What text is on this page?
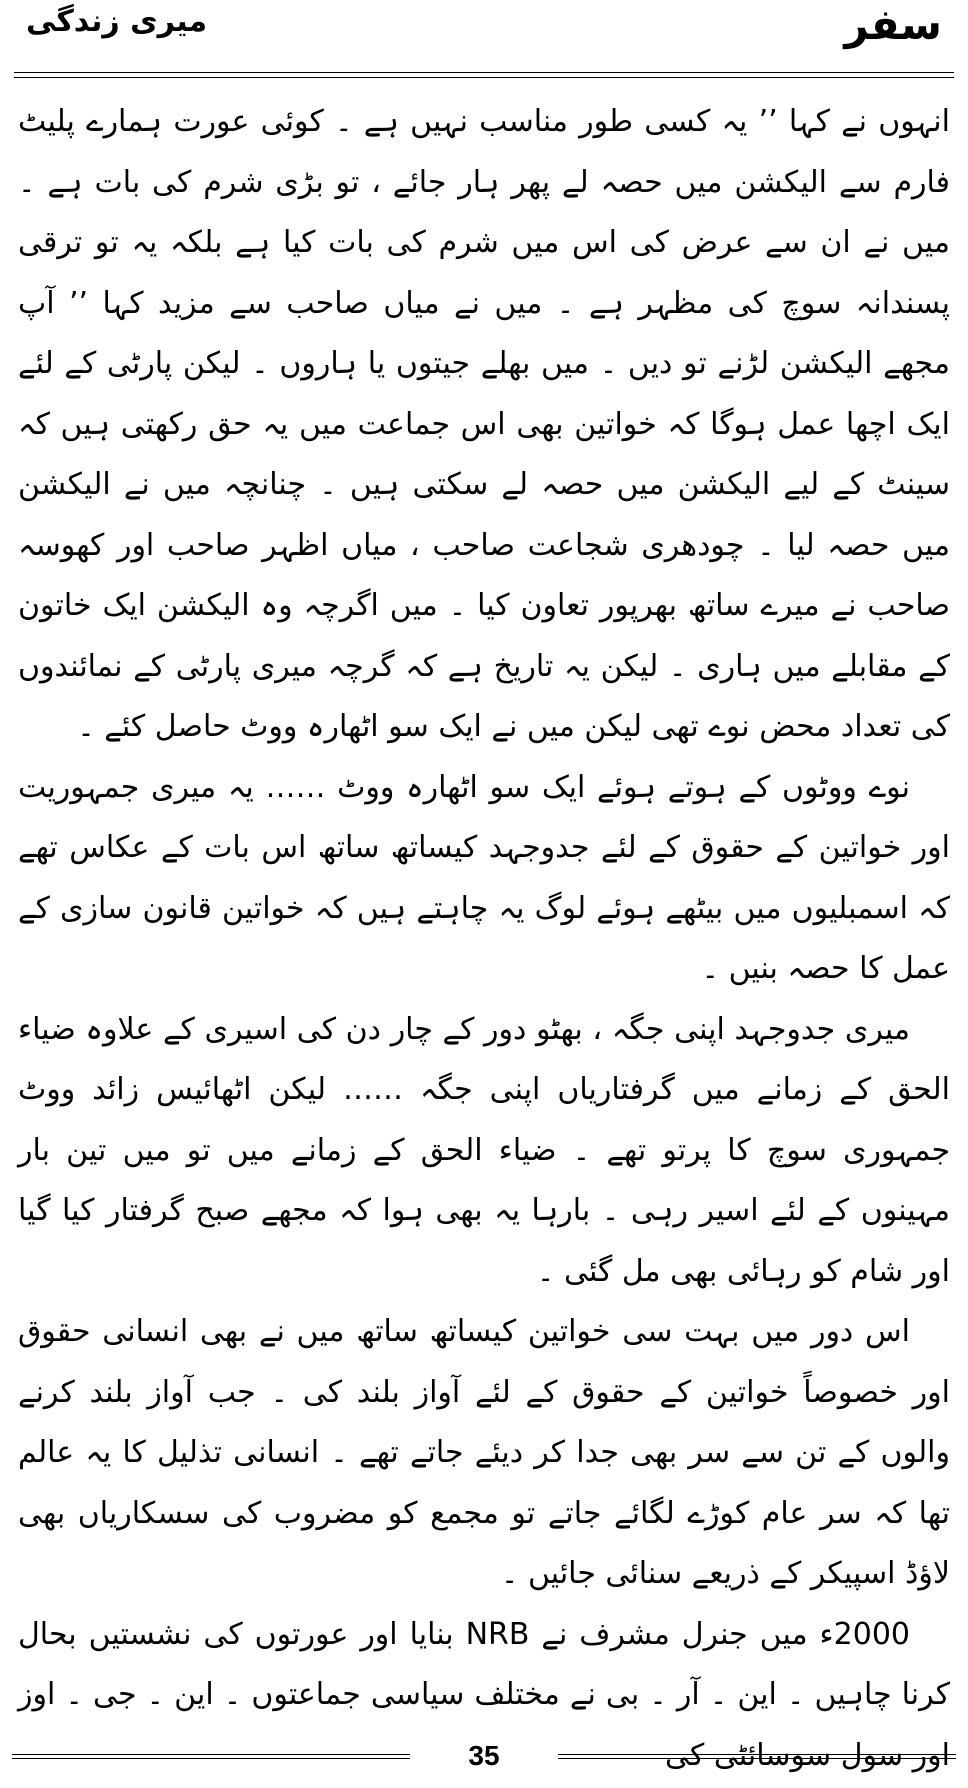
میری زندگی	سفر

انہوں نے کہا ’’ یہ کسی طور مناسب نہیں ہے ۔ کوئی عورت ہمارے پلیٹ فارم سے الیکشن میں حصہ لے پھر ہار جائے ، تو بڑی شرم کی بات ہے ۔ میں نے ان سے عرض کی اس میں شرم کی بات کیا ہے بلکہ یہ تو ترقی پسندانہ سوچ کی مظہر ہے ۔ میں نے میاں صاحب سے مزید کہا ’’ آپ مجھے الیکشن لڑنے تو دیں ۔ میں بھلے جیتوں یا ہاروں ۔ لیکن پارٹی کے لئے ایک اچھا عمل ہوگا کہ خواتین بھی اس جماعت میں یہ حق رکھتی ہیں کہ سینٹ کے لیے الیکشن میں حصہ لے سکتی ہیں ۔ چنانچہ میں نے الیکشن میں حصہ لیا ۔ چودھری شجاعت صاحب ، میاں اظہر صاحب اور کھوسہ صاحب نے میرے ساتھ بھرپور تعاون کیا ۔ میں اگرچہ وہ الیکشن ایک خاتون کے مقابلے میں ہاری ۔ لیکن یہ تاریخ ہے کہ گرچہ میری پارٹی کے نمائندوں کی تعداد محض نوے تھی لیکن میں نے ایک سو اٹھارہ ووٹ حاصل کئے ۔

نوے ووٹوں کے ہوتے ہوئے ایک سو اٹھارہ ووٹ …… یہ میری جمہوریت اور خواتین کے حقوق کے لئے جدوجہد کیساتھ ساتھ اس بات کے عکاس تھے کہ اسمبلیوں میں بیٹھے ہوئے لوگ یہ چاہتے ہیں کہ خواتین قانون سازی کے عمل کا حصہ بنیں ۔

میری جدوجہد اپنی جگہ ، بھٹو دور کے چار دن کی اسیری کے علاوہ ضیاء الحق کے زمانے میں گرفتاریاں اپنی جگہ …… لیکن اٹھائیس زائد ووٹ جمہوری سوچ کا پرتو تھے ۔ ضیاء الحق کے زمانے میں تو میں تین بار مہینوں کے لئے اسیر رہی ۔ بارہا یہ بھی ہوا کہ مجھے صبح گرفتار کیا گیا اور شام کو رہائی بھی مل گئی ۔

اس دور میں بہت سی خواتین کیساتھ ساتھ میں نے بھی انسانی حقوق اور خصوصاً خواتین کے حقوق کے لئے آواز بلند کی ۔ جب آواز بلند کرنے والوں کے تن سے سر بھی جدا کر دیئے جاتے تھے ۔ انسانی تذلیل کا یہ عالم تھا کہ سر عام کوڑے لگائے جاتے تو مجمع کو مضروب کی سسکاریاں بھی لاؤڈ اسپیکر کے ذریعے سنائی جائیں ۔

2000ء میں جنرل مشرف نے NRB بنایا اور عورتوں کی نشستیں بحال کرنا چاہیں ۔ این ۔ آر ۔ بی نے مختلف سیاسی جماعتوں ۔ این ۔ جی ۔ اوز اور سول سوسائٹی کی

35
